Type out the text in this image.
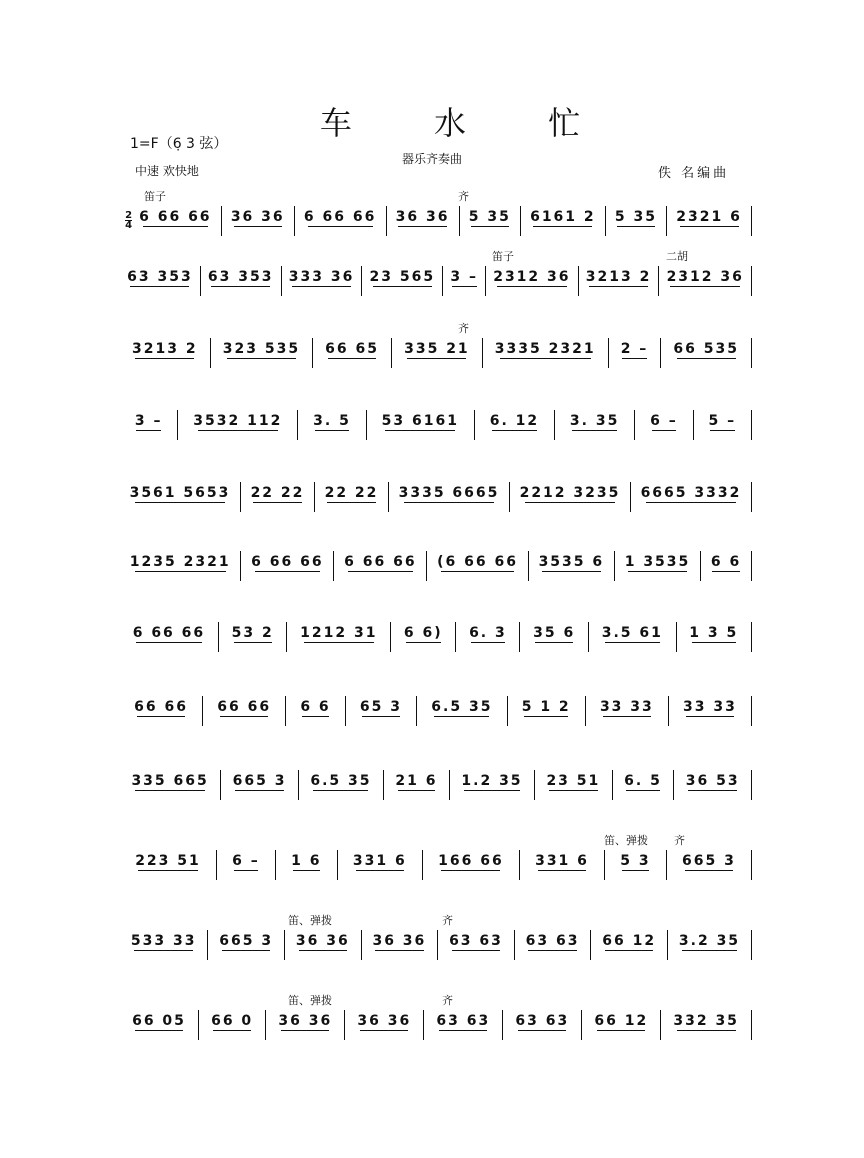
车 水 忙
1=F（6̣ 3 弦）
器乐齐奏曲
中速 欢快地	佚 名编曲
笛子	齐
2
4
6 66 66 36 36 6 66 66 36 36 5 35 6161 2 5 35 2321 6
笛子	二胡
63 353 63 353 333 36 23 565 3 – 2312 36 3213 2 2312 36
齐
3213 2 323 535 66 65 335 21 3335 2321 2 – 66 535
3 – 3532 112 3. 5 53 6161 6. 12 3. 35 6 – 5 –
3561 5653 22 22 22 22 3335 6665 2212 3235 6665 3332
1235 2321 6 66 66 6 66 66 (6 66 66 3535 6 1 3535 6 6
6 66 66 53 2 1212 31 6 6) 6. 3 35 6 3.5 61 1 3 5
66 66 66 66 6 6 65 3 6.5 35 5 1 2 33 33 33 33
335 665 665 3 6.5 35 21 6 1.2 35 23 51 6. 5 36 53
笛、弹拨 齐
223 51 6 – 1 6 331 6 166 66 331 6 5 3 665 3
笛、弹拨	齐
533 33 665 3 36 36 36 36 63 63 63 63 66 12 3.2 35
笛、弹拨	齐
66 05 66 0 36 36 36 36 63 63 63 63 66 12 332 35
